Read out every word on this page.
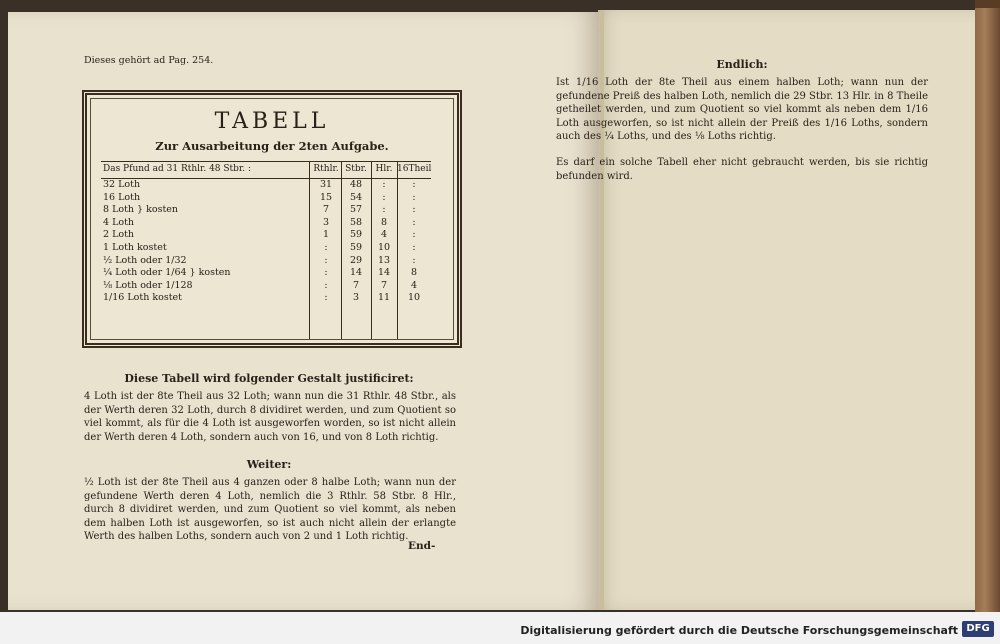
Dieses gehört ad Pag. 254.
TABELL
Zur Ausarbeitung der 2ten Aufgabe.
Das Pfund ad 31 Rthlr. 48 Stbr. :	Rthlr. Stbr. Hlr. 16Theil
32 Loth	31	48	:	:
16 Loth	15	54	:	:
8 Loth } kosten	7	57	:	:
4 Loth	3	58	8	:
2 Loth	1	59	4	:
1 Loth kostet	:	59	10	:
½ Loth oder 1/32	:	29	13	:
¼ Loth oder 1/64 } kosten	:	14	14	8
⅛ Loth oder 1/128	:	7	7	4
1/16 Loth kostet	:	3	11	10
Diese Tabell wird folgender Gestalt justificiret:
4 Loth ist der 8te Theil aus 32 Loth; wann nun die 31 Rthlr. 48 Stbr., als der Werth deren 32 Loth, durch 8 dividiret werden, und zum Quotient so viel kommt, als für die 4 Loth ist ausgeworfen worden, so ist nicht allein der Werth deren 4 Loth, sondern auch von 16, und von 8 Loth richtig.
Weiter:
½ Loth ist der 8te Theil aus 4 ganzen oder 8 halbe Loth; wann nun der gefundene Werth deren 4 Loth, nemlich die 3 Rthlr. 58 Stbr. 8 Hlr., durch 8 dividiret werden, und zum Quotient so viel kommt, als neben dem halben Loth ist ausgeworfen, so ist auch nicht allein der erlangte Werth des halben Loths, sondern auch von 2 und 1 Loth richtig.
End-
Endlich:
Ist 1/16 Loth der 8te Theil aus einem halben Loth; wann nun der gefundene Preiß des halben Loth, nemlich die 29 Stbr. 13 Hlr. in 8 Theile getheilet werden, und zum Quotient so viel kommt als neben dem 1/16 Loth ausgeworfen, so ist nicht allein der Preiß des 1/16 Loths, sondern auch des ¼ Loths, und des ⅛ Loths richtig.
Es darf ein solche Tabell eher nicht gebraucht werden, bis sie richtig befunden wird.
Digitalisierung gefördert durch die Deutsche Forschungsgemeinschaft DFG
